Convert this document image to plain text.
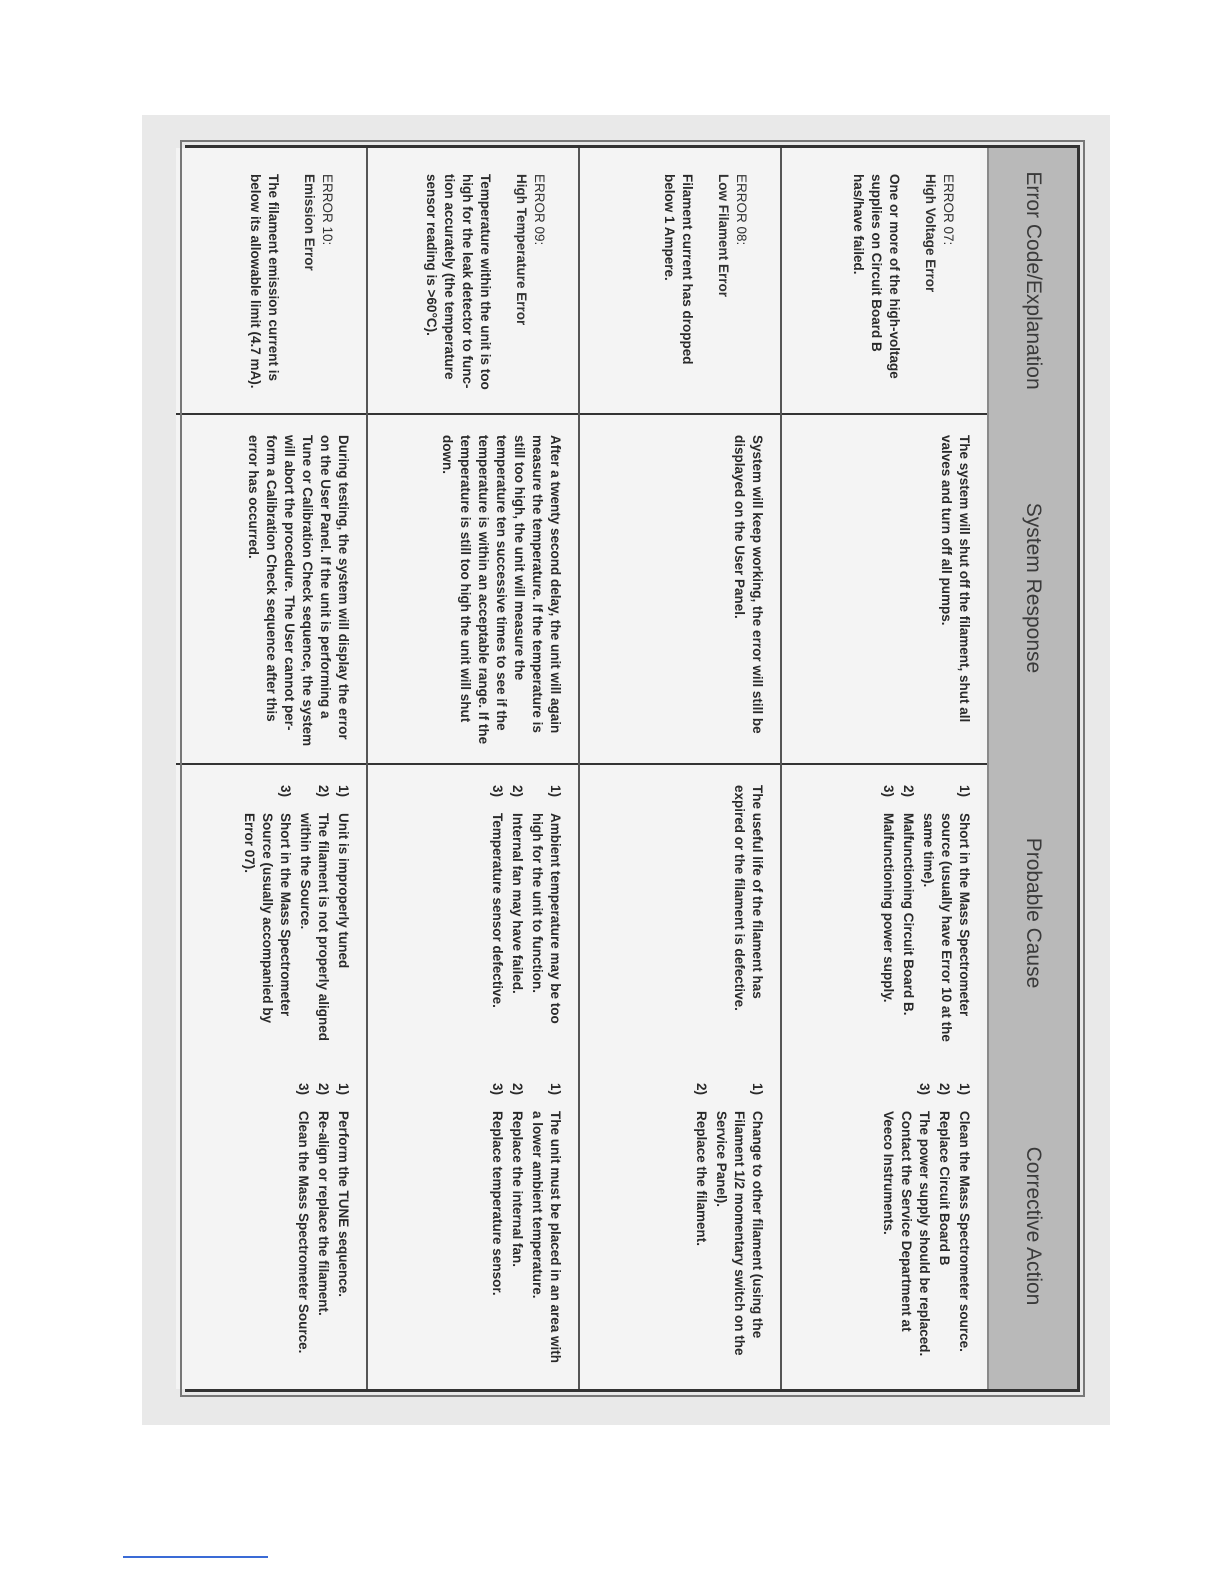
Error Code/Explanation
System Response
Probable Cause
Corrective Action
ERROR 07:
High Voltage Error
One or more of the high-voltage supplies on Circuit Board B has/have failed.
The system will shut off the filament, shut all valves and turn off all pumps.
1)
Short in the Mass Spectrometer source (usually have Error 10 at the same time).
2)
Malfunctioning Circuit Board B.
3)
Malfunctioning power supply.
1)
Clean the Mass Spectrometer source.
2)
Replace Circuit Board B
3)
The power supply should be replaced. Contact the Service Department at Veeco Instruments.
ERROR 08:
Low Filament Error
Filament current has dropped below 1 Ampere.
System will keep working, the error will still be displayed on the User Panel.
The useful life of the filament has expired or the filament is defective.
1)
Change to other filament (using the Filament 1/2 momentary switch on the Service Panel).
2)
Replace the filament.
ERROR 09:
High Temperature Error
Temperature within the unit is too high for the leak detector to func-tion accurately (the temperature sensor reading is >60°C).
After a twenty second delay, the unit will again measure the temperature. If the temperature is still too high, the unit will measure the temperature ten successive times to see if the temperature is within an acceptable range. If the temperature is still too high the unit will shut down.
1)
Ambient temperature may be too high for the unit to function.
2)
Internal fan may have failed.
3)
Temperature sensor defective.
1)
The unit must be placed in an area with a lower ambient temperature.
2)
Replace the internal fan.
3)
Replace temperature sensor.
ERROR 10:
Emission Error
The filament emission current is below its allowable limit (4.7 mA).
During testing, the system will display the error on the User Panel. If the unit is performing a Tune or Calibration Check sequence, the system will abort the procedure. The User cannot per-form a Calibration Check sequence after this error has occurred.
1)
Unit is improperly tuned
2)
The filament is not properly aligned within the Source.
3)
Short in the Mass Spectrometer Source (usually accompanied by Error 07).
1)
Perform the TUNE sequence.
2)
Re-align or replace the filament.
3)
Clean the Mass Spectrometer Source.
